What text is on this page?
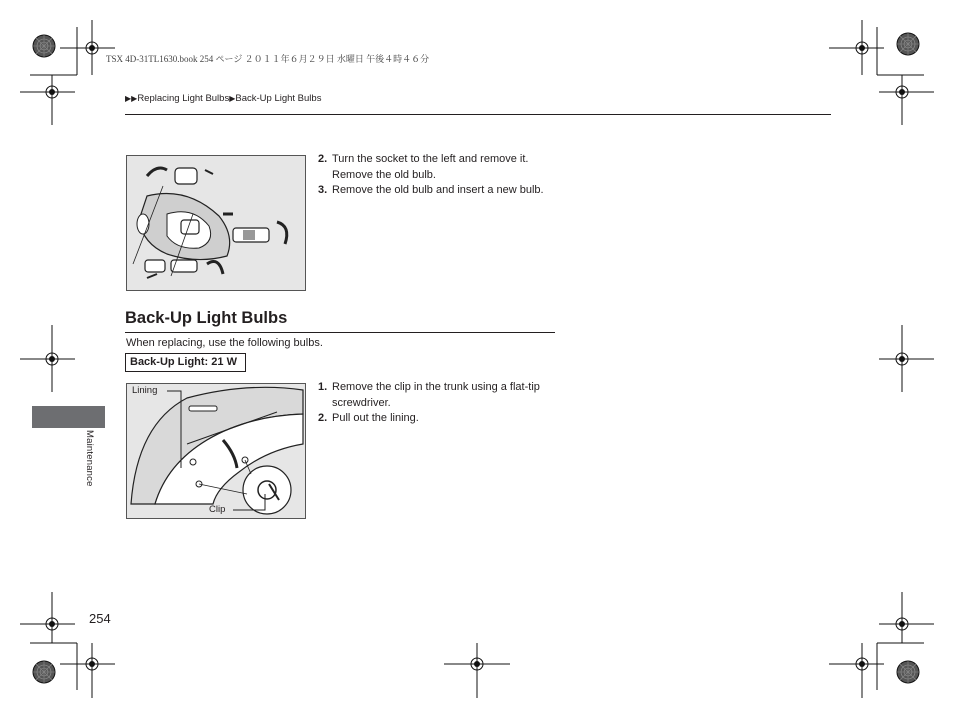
TSX 4D-31TL1630.book 254 ページ ２０１１年６月２９日 水曜日 午後４時４６分
▶▶Replacing Light Bulbs▶Back-Up Light Bulbs
2. Turn the socket to the left and remove it.
Remove the old bulb.
3. Remove the old bulb and insert a new bulb.
Back-Up Light Bulbs
When replacing, use the following bulbs.
Back-Up Light: 21 W
Lining
Clip
1. Remove the clip in the trunk using a flat-tip
screwdriver.
2. Pull out the lining.
Maintenance
254
